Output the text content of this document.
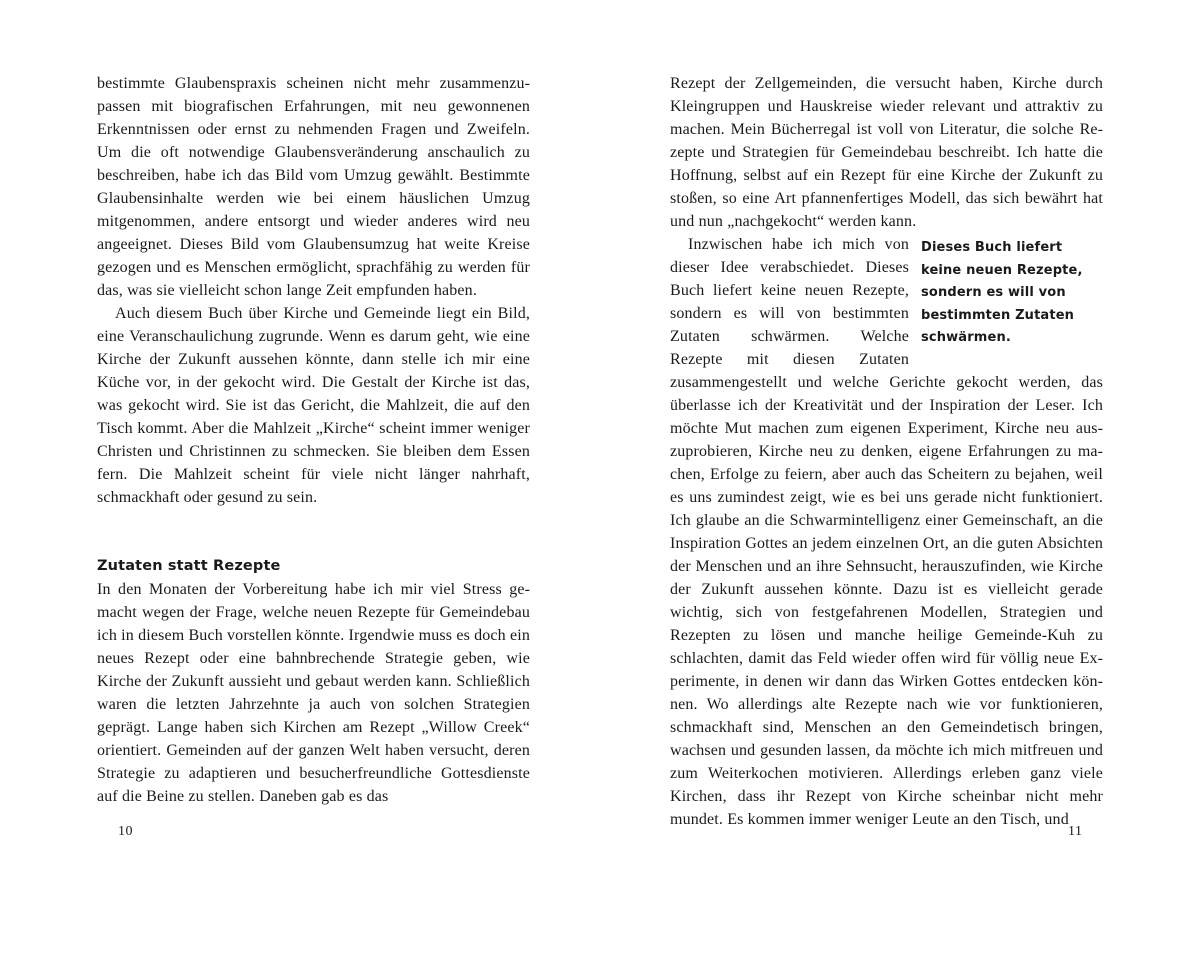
bestimmte Glaubenspraxis scheinen nicht mehr zusammenzupassen mit biografischen Erfahrungen, mit neu gewonnenen Erkenntnissen oder ernst zu nehmenden Fragen und Zweifeln. Um die oft notwendige Glaubensveränderung anschaulich zu beschreiben, habe ich das Bild vom Umzug gewählt. Bestimmte Glaubensinhalte werden wie bei einem häuslichen Umzug mitgenommen, andere entsorgt und wieder anderes wird neu angeeignet. Dieses Bild vom Glaubensumzug hat weite Kreise gezogen und es Menschen ermöglicht, sprachfähig zu werden für das, was sie vielleicht schon lange Zeit empfunden haben.

Auch diesem Buch über Kirche und Gemeinde liegt ein Bild, eine Veranschaulichung zugrunde. Wenn es darum geht, wie eine Kirche der Zukunft aussehen könnte, dann stelle ich mir eine Küche vor, in der gekocht wird. Die Gestalt der Kirche ist das, was gekocht wird. Sie ist das Gericht, die Mahlzeit, die auf den Tisch kommt. Aber die Mahlzeit „Kirche“ scheint immer weniger Christen und Christinnen zu schmecken. Sie bleiben dem Essen fern. Die Mahlzeit scheint für viele nicht länger nahrhaft, schmackhaft oder gesund zu sein.

Zutaten statt Rezepte

In den Monaten der Vorbereitung habe ich mir viel Stress gemacht wegen der Frage, welche neuen Rezepte für Gemeindebau ich in diesem Buch vorstellen könnte. Irgendwie muss es doch ein neues Rezept oder eine bahnbrechende Strategie geben, wie Kirche der Zukunft aussieht und gebaut werden kann. Schließlich waren die letzten Jahrzehnte ja auch von solchen Strategien geprägt. Lange haben sich Kirchen am Rezept „Willow Creek“ orientiert. Gemeinden auf der ganzen Welt haben versucht, deren Strategie zu adaptieren und besucherfreundliche Gottesdienste auf die Beine zu stellen. Daneben gab es das

10

Rezept der Zellgemeinden, die versucht haben, Kirche durch Kleingruppen und Hauskreise wieder relevant und attraktiv zu machen. Mein Bücherregal ist voll von Literatur, die solche Rezepte und Strategien für Gemeindebau beschreibt. Ich hatte die Hoffnung, selbst auf ein Rezept für eine Kirche der Zukunft zu stoßen, so eine Art pfannenfertiges Modell, das sich bewährt hat und nun „nachgekocht“ werden kann.

Dieses Buch liefert keine neuen Rezepte, sondern es will von bestimmten Zutaten schwärmen.

Inzwischen habe ich mich von dieser Idee verabschiedet. Dieses Buch liefert keine neuen Rezepte, sondern es will von bestimmten Zutaten schwärmen. Welche Rezepte mit diesen Zutaten zusammengestellt und welche Gerichte gekocht werden, das überlasse ich der Kreativität und der Inspiration der Leser. Ich möchte Mut machen zum eigenen Experiment, Kirche neu auszuprobieren, Kirche neu zu denken, eigene Erfahrungen zu machen, Erfolge zu feiern, aber auch das Scheitern zu bejahen, weil es uns zumindest zeigt, wie es bei uns gerade nicht funktioniert. Ich glaube an die Schwarmintelligenz einer Gemeinschaft, an die Inspiration Gottes an jedem einzelnen Ort, an die guten Absichten der Menschen und an ihre Sehnsucht, herauszufinden, wie Kirche der Zukunft aussehen könnte. Dazu ist es vielleicht gerade wichtig, sich von festgefahrenen Modellen, Strategien und Rezepten zu lösen und manche heilige Gemeinde-Kuh zu schlachten, damit das Feld wieder offen wird für völlig neue Experimente, in denen wir dann das Wirken Gottes entdecken können. Wo allerdings alte Rezepte nach wie vor funktionieren, schmackhaft sind, Menschen an den Gemeindetisch bringen, wachsen und gesunden lassen, da möchte ich mich mitfreuen und zum Weiterkochen motivieren. Allerdings erleben ganz viele Kirchen, dass ihr Rezept von Kirche scheinbar nicht mehr mundet. Es kommen immer weniger Leute an den Tisch, und

11
